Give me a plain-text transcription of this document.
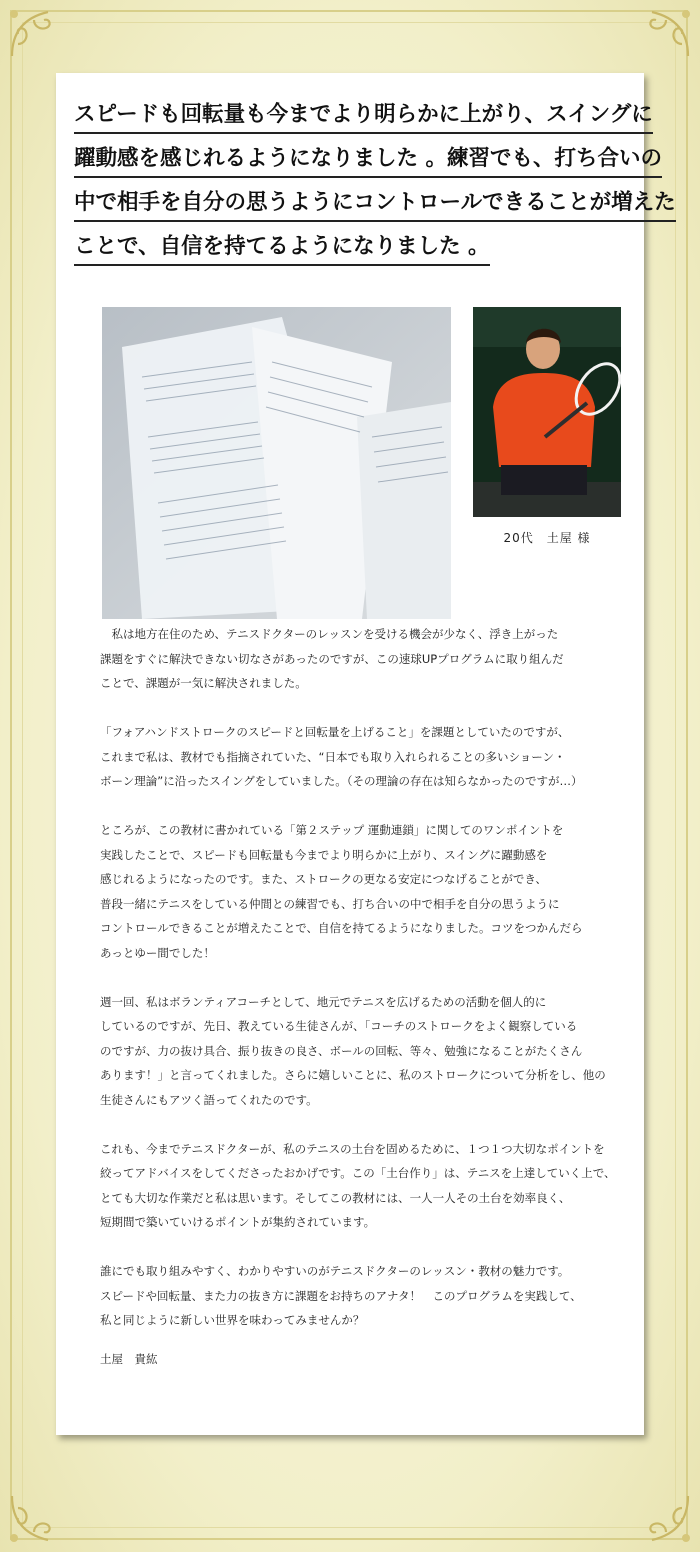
スピードも回転量も今までより明らかに上がり、スイングに
躍動感を感じれるようになりました 。練習でも、打ち合いの
中で相手を自分の思うようにコントロールできることが増えた
ことで、自信を持てるようになりました 。
20代　土屋 様

　私は地方在住のため、テニスドクターのレッスンを受ける機会が少なく、浮き上がった
課題をすぐに解決できない切なさがあったのですが、この速球UPプログラムに取り組んだ
ことで、課題が一気に解決されました。

「フォアハンドストロークのスピードと回転量を上げること」を課題としていたのですが、
これまで私は、教材でも指摘されていた、“日本でも取り入れられることの多いショーン・
ボーン理論”に沿ったスイングをしていました。（その理論の存在は知らなかったのですが…）

ところが、この教材に書かれている「第２ステップ 運動連鎖」に関してのワンポイントを
実践したことで、スピードも回転量も今までより明らかに上がり、スイングに躍動感を
感じれるようになったのです。また、ストロークの更なる安定につなげることができ、
普段一緒にテニスをしている仲間との練習でも、打ち合いの中で相手を自分の思うように
コントロールできることが増えたことで、自信を持てるようになりました。コツをつかんだら
あっとゆー間でした！

週一回、私はボランティアコーチとして、地元でテニスを広げるための活動を個人的に
しているのですが、先日、教えている生徒さんが、「コーチのストロークをよく観察している
のですが、力の抜け具合、振り抜きの良さ、ボールの回転、等々、勉強になることがたくさん
あります！」と言ってくれました。さらに嬉しいことに、私のストロークについて分析をし、他の
生徒さんにもアツく語ってくれたのです。

これも、今までテニスドクターが、私のテニスの土台を固めるために、１つ１つ大切なポイントを
絞ってアドバイスをしてくださったおかげです。この「土台作り」は、テニスを上達していく上で、
とても大切な作業だと私は思います。そしてこの教材には、一人一人その土台を効率良く、
短期間で築いていけるポイントが集約されています。

誰にでも取り組みやすく、わかりやすいのがテニスドクターのレッスン・教材の魅力です。
スピードや回転量、また力の抜き方に課題をお持ちのアナタ！　このプログラムを実践して、
私と同じように新しい世界を味わってみませんか？

土屋　貴紘
